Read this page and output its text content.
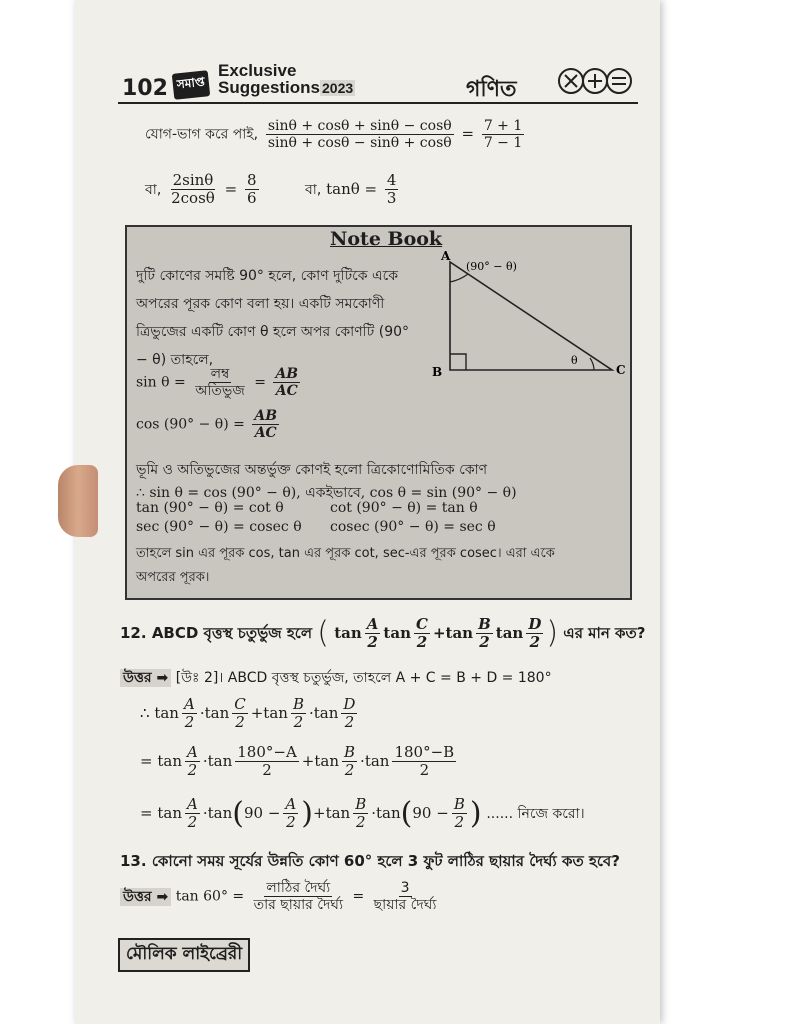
102 সমাপ্ত
Exclusive
Suggestions 2023	গণিত
যোগ-ভাগ করে পাই, $\frac{\sin\theta + \cos\theta + \sin\theta - \cos\theta}{\sin\theta + \cos\theta - \sin\theta + \cos\theta} = \frac{7 + 1}{7 - 1}$
বা, $\frac{2\sin\theta}{2\cos\theta} = \frac{8}{6}$	বা, $\tan\theta = \frac{4}{3}$
Note Book
A
(90° − θ)
B	C
θ
দুটি কোণের সমষ্টি 90° হলে, কোণ দুটিকে একে
অপরের পূরক কোণ বলা হয়। একটি সমকোণী
ত্রিভুজের একটি কোণ θ হলে অপর কোণটি (90°
− θ) তাহলে,
$\sin \theta = \frac{\text{লম্ব}}{\text{অতিভুজ}} = \frac{AB}{AC}$
$\cos (90^\circ - \theta) = \frac{AB}{AC}$
ভূমি ও অতিভুজের অন্তর্ভুক্ত কোণই হলো ত্রিকোণোমিতিক কোণ
∴ sin θ = cos (90° − θ), একইভাবে, cos θ = sin (90° − θ)
tan (90° − θ) = cot θ	cot (90° − θ) = tan θ
sec (90° − θ) = cosec θ cosec (90° − θ) = sec θ
তাহলে sin এর পূরক cos, tan এর পূরক cot, sec-এর পূরক cosec। এরা একে
অপরের পূরক।
12. ABCD বৃত্তস্থ চতুর্ভুজ হলে ( $\tan \frac{A}{2}$ $\tan \frac{C}{2} +\tan \frac{B}{2}$ $\tan \frac{D}{2}$ ) এর মান কত?
উত্তর ➡ [উঃ 2]। ABCD বৃত্তস্থ চতুর্ভুজ, তাহলে A + C = B + D = 180°
∴ $\tan \frac{A}{2} \cdot\tan \frac{C}{2} +\tan \frac{B}{2} \cdot\tan \frac{D}{2}$
= $\tan \frac{A}{2} \cdot\tan \frac{180^\circ-A}{2} +\tan \frac{B}{2} \cdot\tan \frac{180^\circ-B}{2}$
= $\tan \frac{A}{2} \cdot\tan(90 - \frac{A}{2} )+\tan \frac{B}{2} \cdot\tan(90 - \frac{B}{2}$ ) ...... নিজে করো।
13. কোনো সময় সূর্যের উন্নতি কোণ 60° হলে 3 ফুট লাঠির ছায়ার দৈর্ঘ্য কত হবে?
উত্তর ➡ $\tan 60^\circ = \frac{\text{লাঠির দৈর্ঘ্য}}{\text{তার ছায়ার দৈর্ঘ্য}} = \frac{3}{\text{ছায়ার দৈর্ঘ্য}}$
মৌলিক লাইব্রেরী
